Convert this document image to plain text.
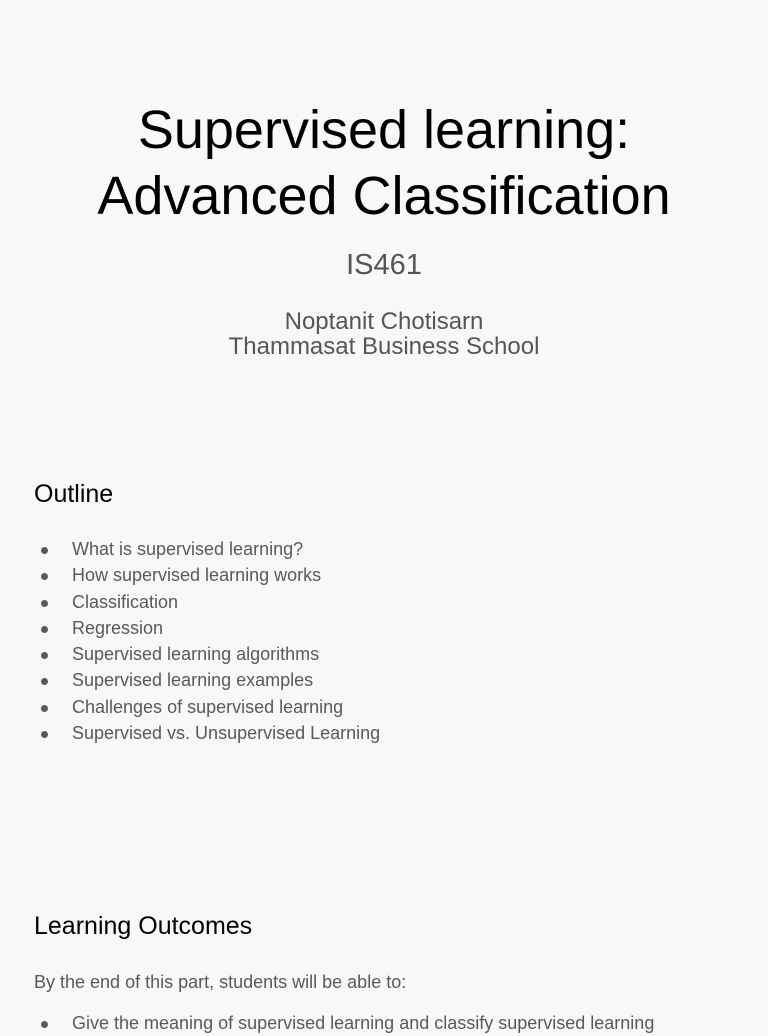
Supervised learning:
Advanced Classification
IS461
Noptanit Chotisarn
Thammasat Business School
Outline
What is supervised learning?
How supervised learning works
Classification
Regression
Supervised learning algorithms
Supervised learning examples
Challenges of supervised learning
Supervised vs. Unsupervised Learning
Learning Outcomes
By the end of this part, students will be able to:
Give the meaning of supervised learning and classify supervised learning
